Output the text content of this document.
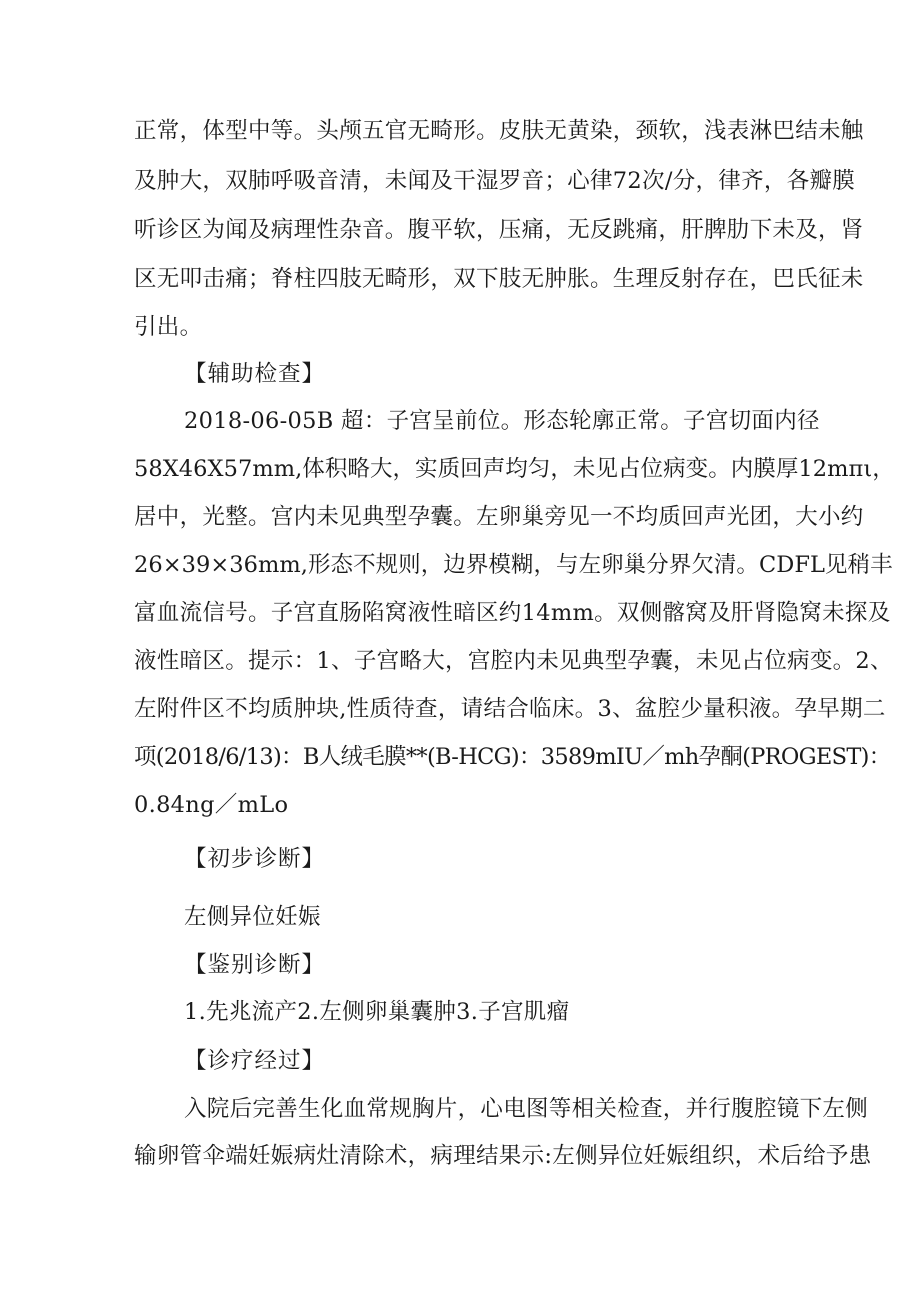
正常，体型中等。头颅五官无畸形。皮肤无黄染，颈软，浅表淋巴结未触
及肿大，双肺呼吸音清，未闻及干湿罗音；心律72次/分，律齐，各瓣膜
听诊区为闻及病理性杂音。腹平软，压痛，无反跳痛，肝脾肋下未及，肾
区无叩击痛；脊柱四肢无畸形，双下肢无肿胀。生理反射存在，巴氏征未
引出。
【辅助检查】
2018-06-05B 超：子宫呈前位。形态轮廓正常。子宫切面内径
58X46X57mm,体积略大，实质回声均匀，未见占位病变。内膜厚12mπι，
居中，光整。宫内未见典型孕囊。左卵巢旁见一不均质回声光团，大小约
26×39×36mm,形态不规则，边界模糊，与左卵巢分界欠清。CDFL见稍丰
富血流信号。子宫直肠陷窝液性暗区约14mm。双侧髂窝及肝肾隐窝未探及
液性暗区。提示：1、子宫略大，宫腔内未见典型孕囊，未见占位病变。2、
左附件区不均质肿块,性质待查，请结合临床。3、盆腔少量积液。孕早期二
项(2018/6/13)：B人绒毛膜**(B-HCG)：3589mIU／mh孕酮(PROGEST)：
0.84ng／mLo
【初步诊断】
左侧异位妊娠
【鉴别诊断】
1.先兆流产2.左侧卵巢囊肿3.子宫肌瘤
【诊疗经过】
入院后完善生化血常规胸片，心电图等相关检查，并行腹腔镜下左侧
输卵管伞端妊娠病灶清除术，病理结果示:左侧异位妊娠组织，术后给予患
